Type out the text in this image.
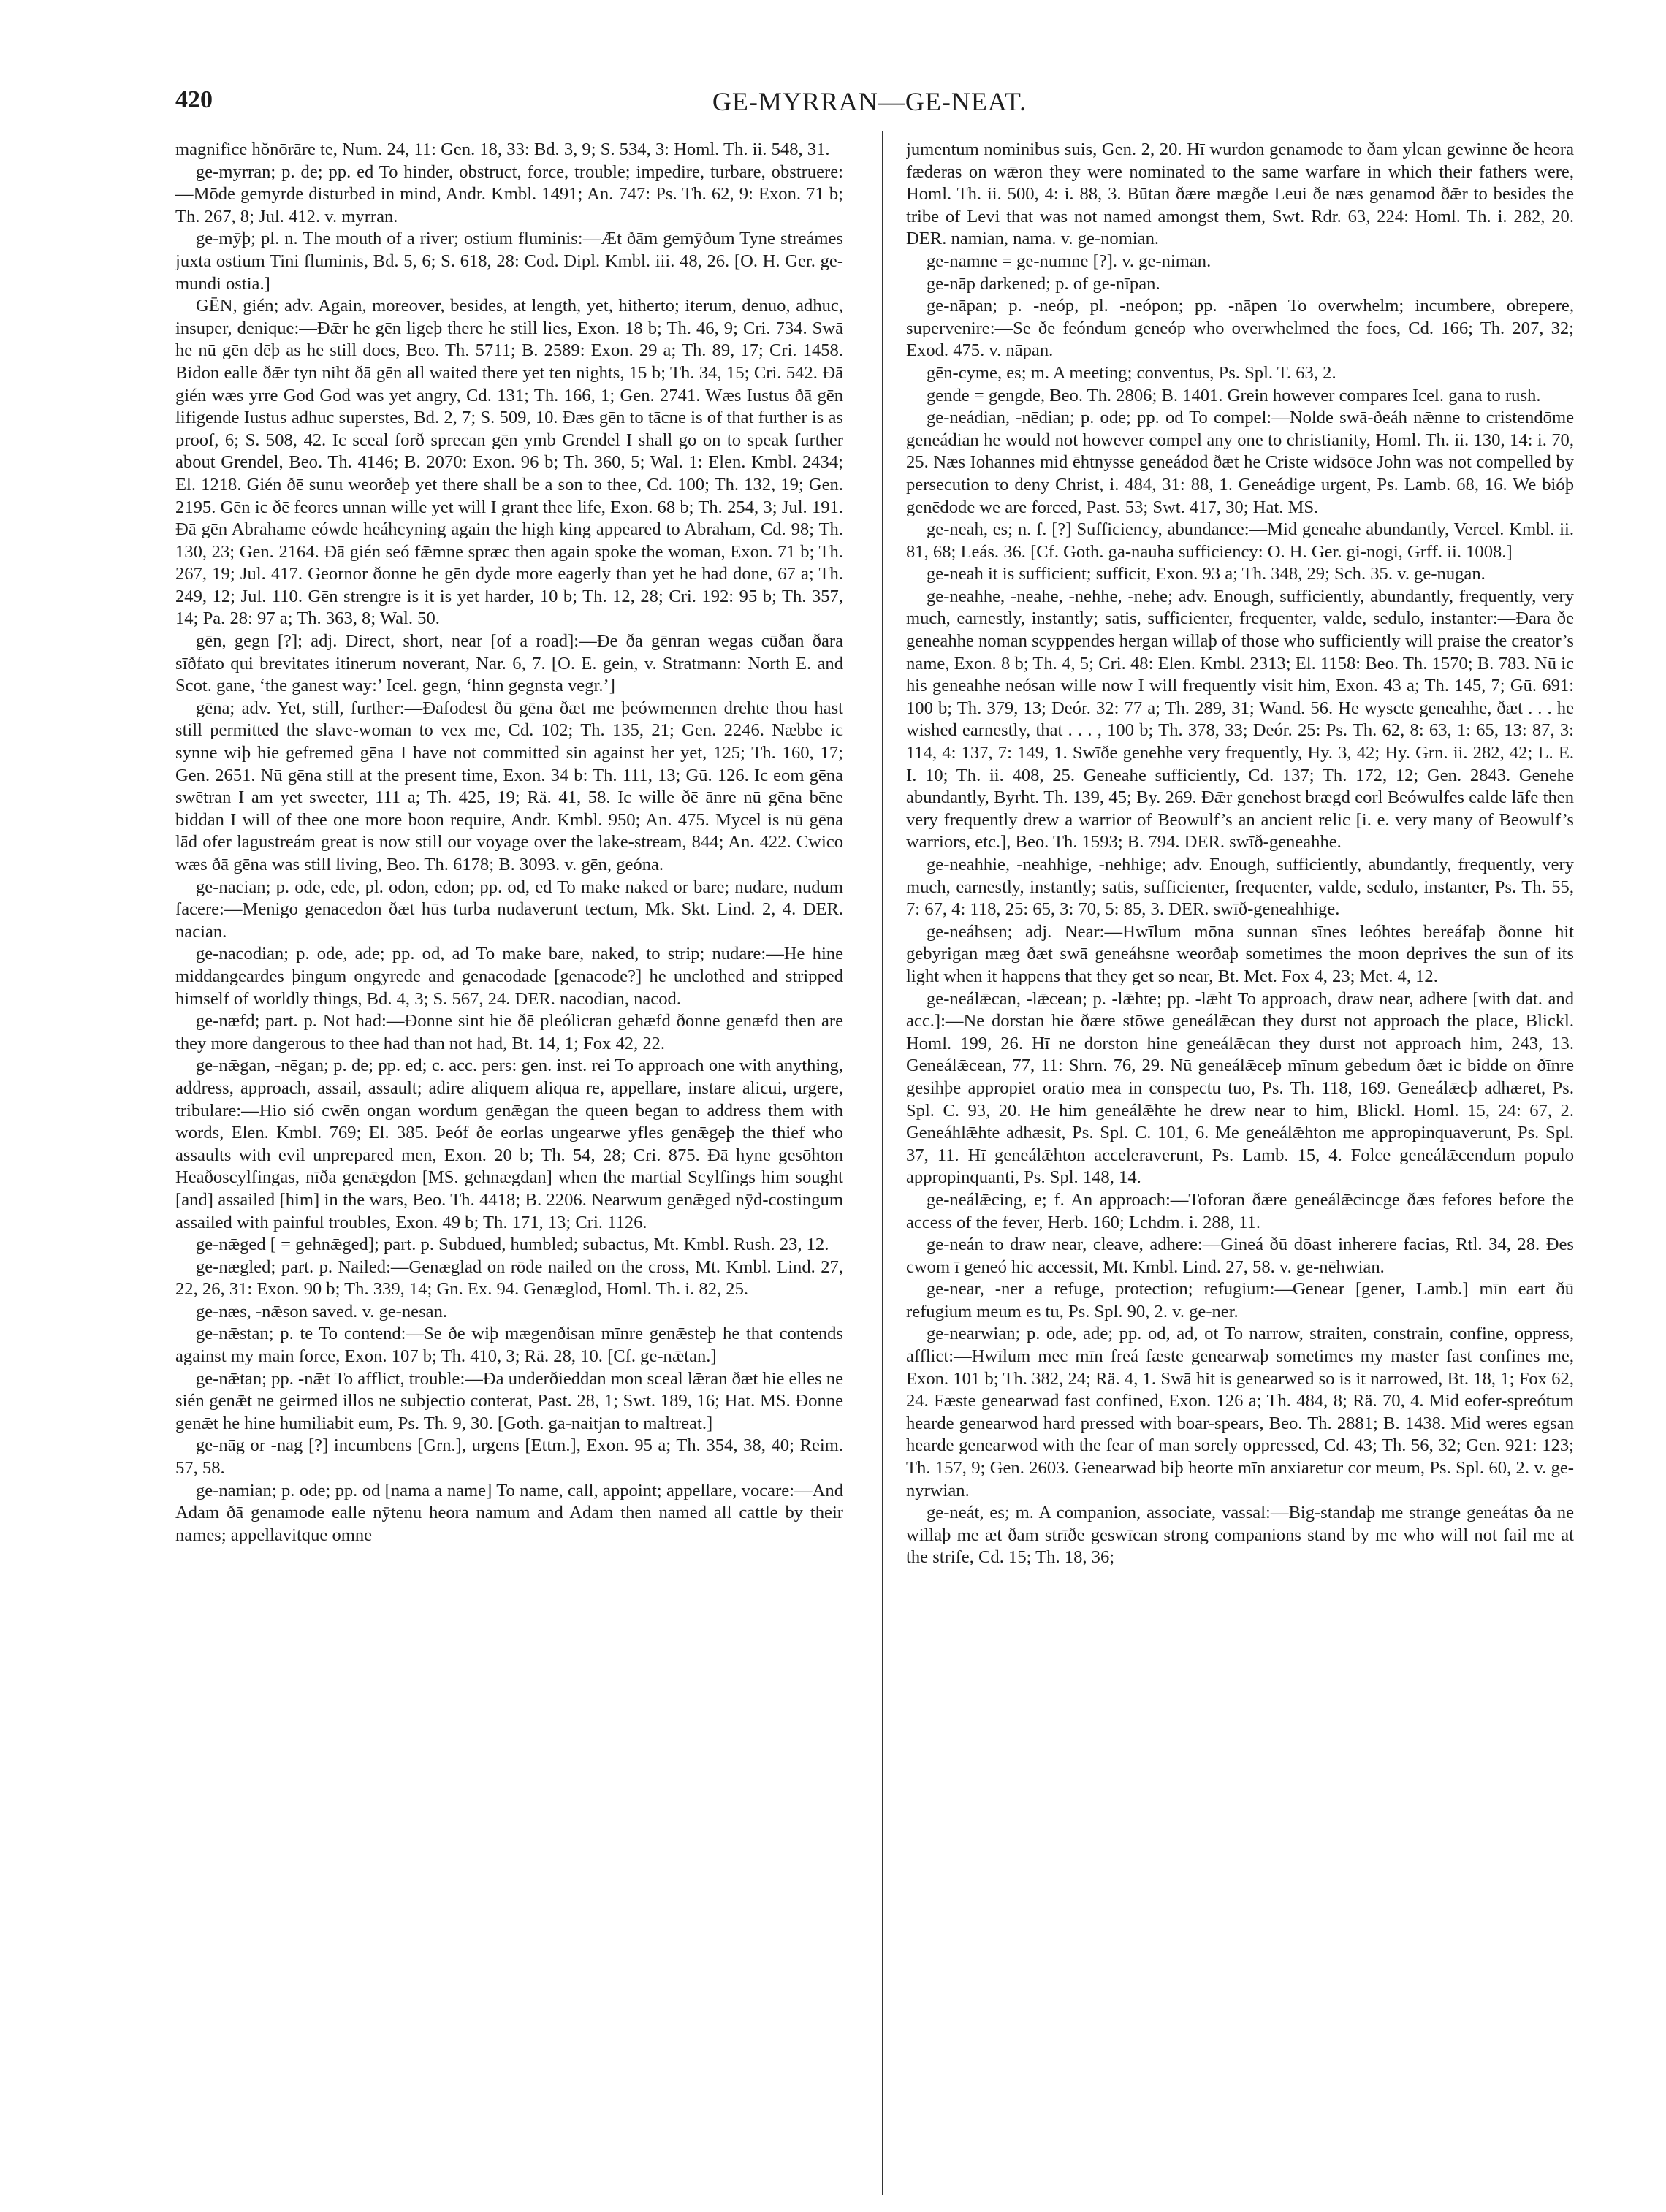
420	GE-MYRRAN—GE-NEAT.

magnifice hŏnōrāre te, Num. 24, 11: Gen. 18, 33: Bd. 3, 9; S. 534, 3: Homl. Th. ii. 548, 31.

ge-myrran; p. de; pp. ed To hinder, obstruct, force, trouble; impedire, turbare, obstruere:—Mōde gemyrde disturbed in mind, Andr. Kmbl. 1491; An. 747: Ps. Th. 62, 9: Exon. 71 b; Th. 267, 8; Jul. 412. v. myrran.

ge-mȳþ; pl. n. The mouth of a river; ostium fluminis:—Æt ðām gemȳðum Tyne streámes juxta ostium Tini fluminis, Bd. 5, 6; S. 618, 28: Cod. Dipl. Kmbl. iii. 48, 26. [O. H. Ger. ge-mundi ostia.]

GĒN, gién; adv. Again, moreover, besides, at length, yet, hitherto; iterum, denuo, adhuc, insuper, denique:—Ðǣr he gēn ligeþ there he still lies, Exon. 18 b; Th. 46, 9; Cri. 734. Swā he nū gēn dēþ as he still does, Beo. Th. 5711; B. 2589: Exon. 29 a; Th. 89, 17; Cri. 1458. Bidon ealle ðǣr tyn niht ðā gēn all waited there yet ten nights, 15 b; Th. 34, 15; Cri. 542. Ðā gién wæs yrre God God was yet angry, Cd. 131; Th. 166, 1; Gen. 2741. Wæs Iustus ðā gēn lifigende Iustus adhuc superstes, Bd. 2, 7; S. 509, 10. Ðæs gēn to tācne is of that further is as proof, 6; S. 508, 42. Ic sceal forð sprecan gēn ymb Grendel I shall go on to speak further about Grendel, Beo. Th. 4146; B. 2070: Exon. 96 b; Th. 360, 5; Wal. 1: Elen. Kmbl. 2434; El. 1218. Gién ðē sunu weorðeþ yet there shall be a son to thee, Cd. 100; Th. 132, 19; Gen. 2195. Gēn ic ðē feores unnan wille yet will I grant thee life, Exon. 68 b; Th. 254, 3; Jul. 191. Ðā gēn Abrahame eówde heáhcyning again the high king appeared to Abraham, Cd. 98; Th. 130, 23; Gen. 2164. Ðā gién seó fǣmne spræc then again spoke the woman, Exon. 71 b; Th. 267, 19; Jul. 417. Geornor ðonne he gēn dyde more eagerly than yet he had done, 67 a; Th. 249, 12; Jul. 110. Gēn strengre is it is yet harder, 10 b; Th. 12, 28; Cri. 192: 95 b; Th. 357, 14; Pa. 28: 97 a; Th. 363, 8; Wal. 50.

gēn, gegn [?]; adj. Direct, short, near [of a road]:—Ðe ða gēnran wegas cūðan ðara sīðfato qui brevitates itinerum noverant, Nar. 6, 7. [O. E. gein, v. Stratmann: North E. and Scot. gane, ‘the ganest way:’ Icel. gegn, ‘hinn gegnsta vegr.’]

gēna; adv. Yet, still, further:—Ðafodest ðū gēna ðæt me þeówmennen drehte thou hast still permitted the slave-woman to vex me, Cd. 102; Th. 135, 21; Gen. 2246. Næbbe ic synne wiþ hie gefremed gēna I have not committed sin against her yet, 125; Th. 160, 17; Gen. 2651. Nū gēna still at the present time, Exon. 34 b: Th. 111, 13; Gū. 126. Ic eom gēna swētran I am yet sweeter, 111 a; Th. 425, 19; Rä. 41, 58. Ic wille ðē ānre nū gēna bēne biddan I will of thee one more boon require, Andr. Kmbl. 950; An. 475. Mycel is nū gēna lād ofer lagustreám great is now still our voyage over the lake-stream, 844; An. 422. Cwico wæs ðā gēna was still living, Beo. Th. 6178; B. 3093. v. gēn, geóna.

ge-nacian; p. ode, ede, pl. odon, edon; pp. od, ed To make naked or bare; nudare, nudum facere:—Menigo genacedon ðæt hūs turba nudaverunt tectum, Mk. Skt. Lind. 2, 4. DER. nacian.

ge-nacodian; p. ode, ade; pp. od, ad To make bare, naked, to strip; nudare:—He hine middangeardes þingum ongyrede and genacodade [genacode?] he unclothed and stripped himself of worldly things, Bd. 4, 3; S. 567, 24. DER. nacodian, nacod.

ge-næfd; part. p. Not had:—Ðonne sint hie ðē pleólicran gehæfd ðonne genæfd then are they more dangerous to thee had than not had, Bt. 14, 1; Fox 42, 22.

ge-nǣgan, -nēgan; p. de; pp. ed; c. acc. pers: gen. inst. rei To approach one with anything, address, approach, assail, assault; adire aliquem aliqua re, appellare, instare alicui, urgere, tribulare:—Hio sió cwēn ongan wordum genǣgan the queen began to address them with words, Elen. Kmbl. 769; El. 385. Þeóf ðe eorlas ungearwe yfles genǣgeþ the thief who assaults with evil unprepared men, Exon. 20 b; Th. 54, 28; Cri. 875. Ðā hyne gesōhton Heaðoscylfingas, nīða genǣgdon [MS. gehnægdan] when the martial Scylfings him sought [and] assailed [him] in the wars, Beo. Th. 4418; B. 2206. Nearwum genǣged nȳd-costingum assailed with painful troubles, Exon. 49 b; Th. 171, 13; Cri. 1126.

ge-nǣged [ = gehnǣged]; part. p. Subdued, humbled; subactus, Mt. Kmbl. Rush. 23, 12.

ge-nægled; part. p. Nailed:—Genæglad on rōde nailed on the cross, Mt. Kmbl. Lind. 27, 22, 26, 31: Exon. 90 b; Th. 339, 14; Gn. Ex. 94. Genæglod, Homl. Th. i. 82, 25.

ge-næs, -nǣson saved. v. ge-nesan.

ge-nǣstan; p. te To contend:—Se ðe wiþ mægenðisan mīnre genǣsteþ he that contends against my main force, Exon. 107 b; Th. 410, 3; Rä. 28, 10. [Cf. ge-nǣtan.]

ge-nǣtan; pp. -nǣt To afflict, trouble:—Ða underðieddan mon sceal lǣran ðæt hie elles ne sién genǣt ne geirmed illos ne subjectio conterat, Past. 28, 1; Swt. 189, 16; Hat. MS. Ðonne genǣt he hine humiliabit eum, Ps. Th. 9, 30. [Goth. ga-naitjan to maltreat.]

ge-nāg or -nag [?] incumbens [Grn.], urgens [Ettm.], Exon. 95 a; Th. 354, 38, 40; Reim. 57, 58.

ge-namian; p. ode; pp. od [nama a name] To name, call, appoint; appellare, vocare:—And Adam ðā genamode ealle nȳtenu heora namum and Adam then named all cattle by their names; appellavitque omne

jumentum nominibus suis, Gen. 2, 20. Hī wurdon genamode to ðam ylcan gewinne ðe heora fæderas on wǣron they were nominated to the same warfare in which their fathers were, Homl. Th. ii. 500, 4: i. 88, 3. Būtan ðære mægðe Leui ðe næs genamod ðǣr to besides the tribe of Levi that was not named amongst them, Swt. Rdr. 63, 224: Homl. Th. i. 282, 20. DER. namian, nama. v. ge-nomian.

ge-namne = ge-numne [?]. v. ge-niman.

ge-nāp darkened; p. of ge-nīpan.

ge-nāpan; p. -neóp, pl. -neópon; pp. -nāpen To overwhelm; incumbere, obrepere, supervenire:—Se ðe feóndum geneóp who overwhelmed the foes, Cd. 166; Th. 207, 32; Exod. 475. v. nāpan.

gēn-cyme, es; m. A meeting; conventus, Ps. Spl. T. 63, 2.

gende = gengde, Beo. Th. 2806; B. 1401. Grein however compares Icel. gana to rush.

ge-neádian, -nēdian; p. ode; pp. od To compel:—Nolde swā-ðeáh nǣnne to cristendōme geneádian he would not however compel any one to christianity, Homl. Th. ii. 130, 14: i. 70, 25. Næs Iohannes mid ēhtnysse geneádod ðæt he Criste widsōce John was not compelled by persecution to deny Christ, i. 484, 31: 88, 1. Geneádige urgent, Ps. Lamb. 68, 16. We bióþ genēdode we are forced, Past. 53; Swt. 417, 30; Hat. MS.

ge-neah, es; n. f. [?] Sufficiency, abundance:—Mid geneahe abundantly, Vercel. Kmbl. ii. 81, 68; Leás. 36. [Cf. Goth. ga-nauha sufficiency: O. H. Ger. gi-nogi, Grff. ii. 1008.]

ge-neah it is sufficient; sufficit, Exon. 93 a; Th. 348, 29; Sch. 35. v. ge-nugan.

ge-neahhe, -neahe, -nehhe, -nehe; adv. Enough, sufficiently, abundantly, frequently, very much, earnestly, instantly; satis, sufficienter, frequenter, valde, sedulo, instanter:—Ðara ðe geneahhe noman scyppendes hergan willaþ of those who sufficiently will praise the creator’s name, Exon. 8 b; Th. 4, 5; Cri. 48: Elen. Kmbl. 2313; El. 1158: Beo. Th. 1570; B. 783. Nū ic his geneahhe neósan wille now I will frequently visit him, Exon. 43 a; Th. 145, 7; Gū. 691: 100 b; Th. 379, 13; Deór. 32: 77 a; Th. 289, 31; Wand. 56. He wyscte geneahhe, ðæt . . . he wished earnestly, that . . . , 100 b; Th. 378, 33; Deór. 25: Ps. Th. 62, 8: 63, 1: 65, 13: 87, 3: 114, 4: 137, 7: 149, 1. Swīðe genehhe very frequently, Hy. 3, 42; Hy. Grn. ii. 282, 42; L. E. I. 10; Th. ii. 408, 25. Geneahe sufficiently, Cd. 137; Th. 172, 12; Gen. 2843. Genehe abundantly, Byrht. Th. 139, 45; By. 269. Ðǣr genehost brægd eorl Beówulfes ealde lāfe then very frequently drew a warrior of Beowulf’s an ancient relic [i. e. very many of Beowulf’s warriors, etc.], Beo. Th. 1593; B. 794. DER. swīð-geneahhe.

ge-neahhie, -neahhige, -nehhige; adv. Enough, sufficiently, abundantly, frequently, very much, earnestly, instantly; satis, sufficienter, frequenter, valde, sedulo, instanter, Ps. Th. 55, 7: 67, 4: 118, 25: 65, 3: 70, 5: 85, 3. DER. swīð-geneahhige.

ge-neáhsen; adj. Near:—Hwīlum mōna sunnan sīnes leóhtes bereáfaþ ðonne hit gebyrigan mæg ðæt swā geneáhsne weorðaþ sometimes the moon deprives the sun of its light when it happens that they get so near, Bt. Met. Fox 4, 23; Met. 4, 12.

ge-neálǣcan, -lǣcean; p. -lǣhte; pp. -lǣht To approach, draw near, adhere [with dat. and acc.]:—Ne dorstan hie ðære stōwe geneálǣcan they durst not approach the place, Blickl. Homl. 199, 26. Hī ne dorston hine geneálǣcan they durst not approach him, 243, 13. Geneálǣcean, 77, 11: Shrn. 76, 29. Nū geneálǣceþ mīnum gebedum ðæt ic bidde on ðīnre gesihþe appropiet oratio mea in conspectu tuo, Ps. Th. 118, 169. Geneálǣcþ adhæret, Ps. Spl. C. 93, 20. He him geneálǣhte he drew near to him, Blickl. Homl. 15, 24: 67, 2. Geneáhlǣhte adhæsit, Ps. Spl. C. 101, 6. Me geneálǣhton me appropinquaverunt, Ps. Spl. 37, 11. Hī geneálǣhton acceleraverunt, Ps. Lamb. 15, 4. Folce geneálǣcendum populo appropinquanti, Ps. Spl. 148, 14.

ge-neálǣcing, e; f. An approach:—Toforan ðære geneálǣcincge ðæs fefores before the access of the fever, Herb. 160; Lchdm. i. 288, 11.

ge-neán to draw near, cleave, adhere:—Gineá ðū dōast inherere facias, Rtl. 34, 28. Ðes cwom ī geneó hic accessit, Mt. Kmbl. Lind. 27, 58. v. ge-nēhwian.

ge-near, -ner a refuge, protection; refugium:—Genear [gener, Lamb.] mīn eart ðū refugium meum es tu, Ps. Spl. 90, 2. v. ge-ner.

ge-nearwian; p. ode, ade; pp. od, ad, ot To narrow, straiten, constrain, confine, oppress, afflict:—Hwīlum mec mīn freá fæste genearwaþ sometimes my master fast confines me, Exon. 101 b; Th. 382, 24; Rä. 4, 1. Swā hit is genearwed so is it narrowed, Bt. 18, 1; Fox 62, 24. Fæste genearwad fast confined, Exon. 126 a; Th. 484, 8; Rä. 70, 4. Mid eofer-spreótum hearde genearwod hard pressed with boar-spears, Beo. Th. 2881; B. 1438. Mid weres egsan hearde genearwod with the fear of man sorely oppressed, Cd. 43; Th. 56, 32; Gen. 921: 123; Th. 157, 9; Gen. 2603. Genearwad biþ heorte mīn anxiaretur cor meum, Ps. Spl. 60, 2. v. ge-nyrwian.

ge-neát, es; m. A companion, associate, vassal:—Big-standaþ me strange geneátas ða ne willaþ me æt ðam strīðe geswīcan strong companions stand by me who will not fail me at the strife, Cd. 15; Th. 18, 36;
